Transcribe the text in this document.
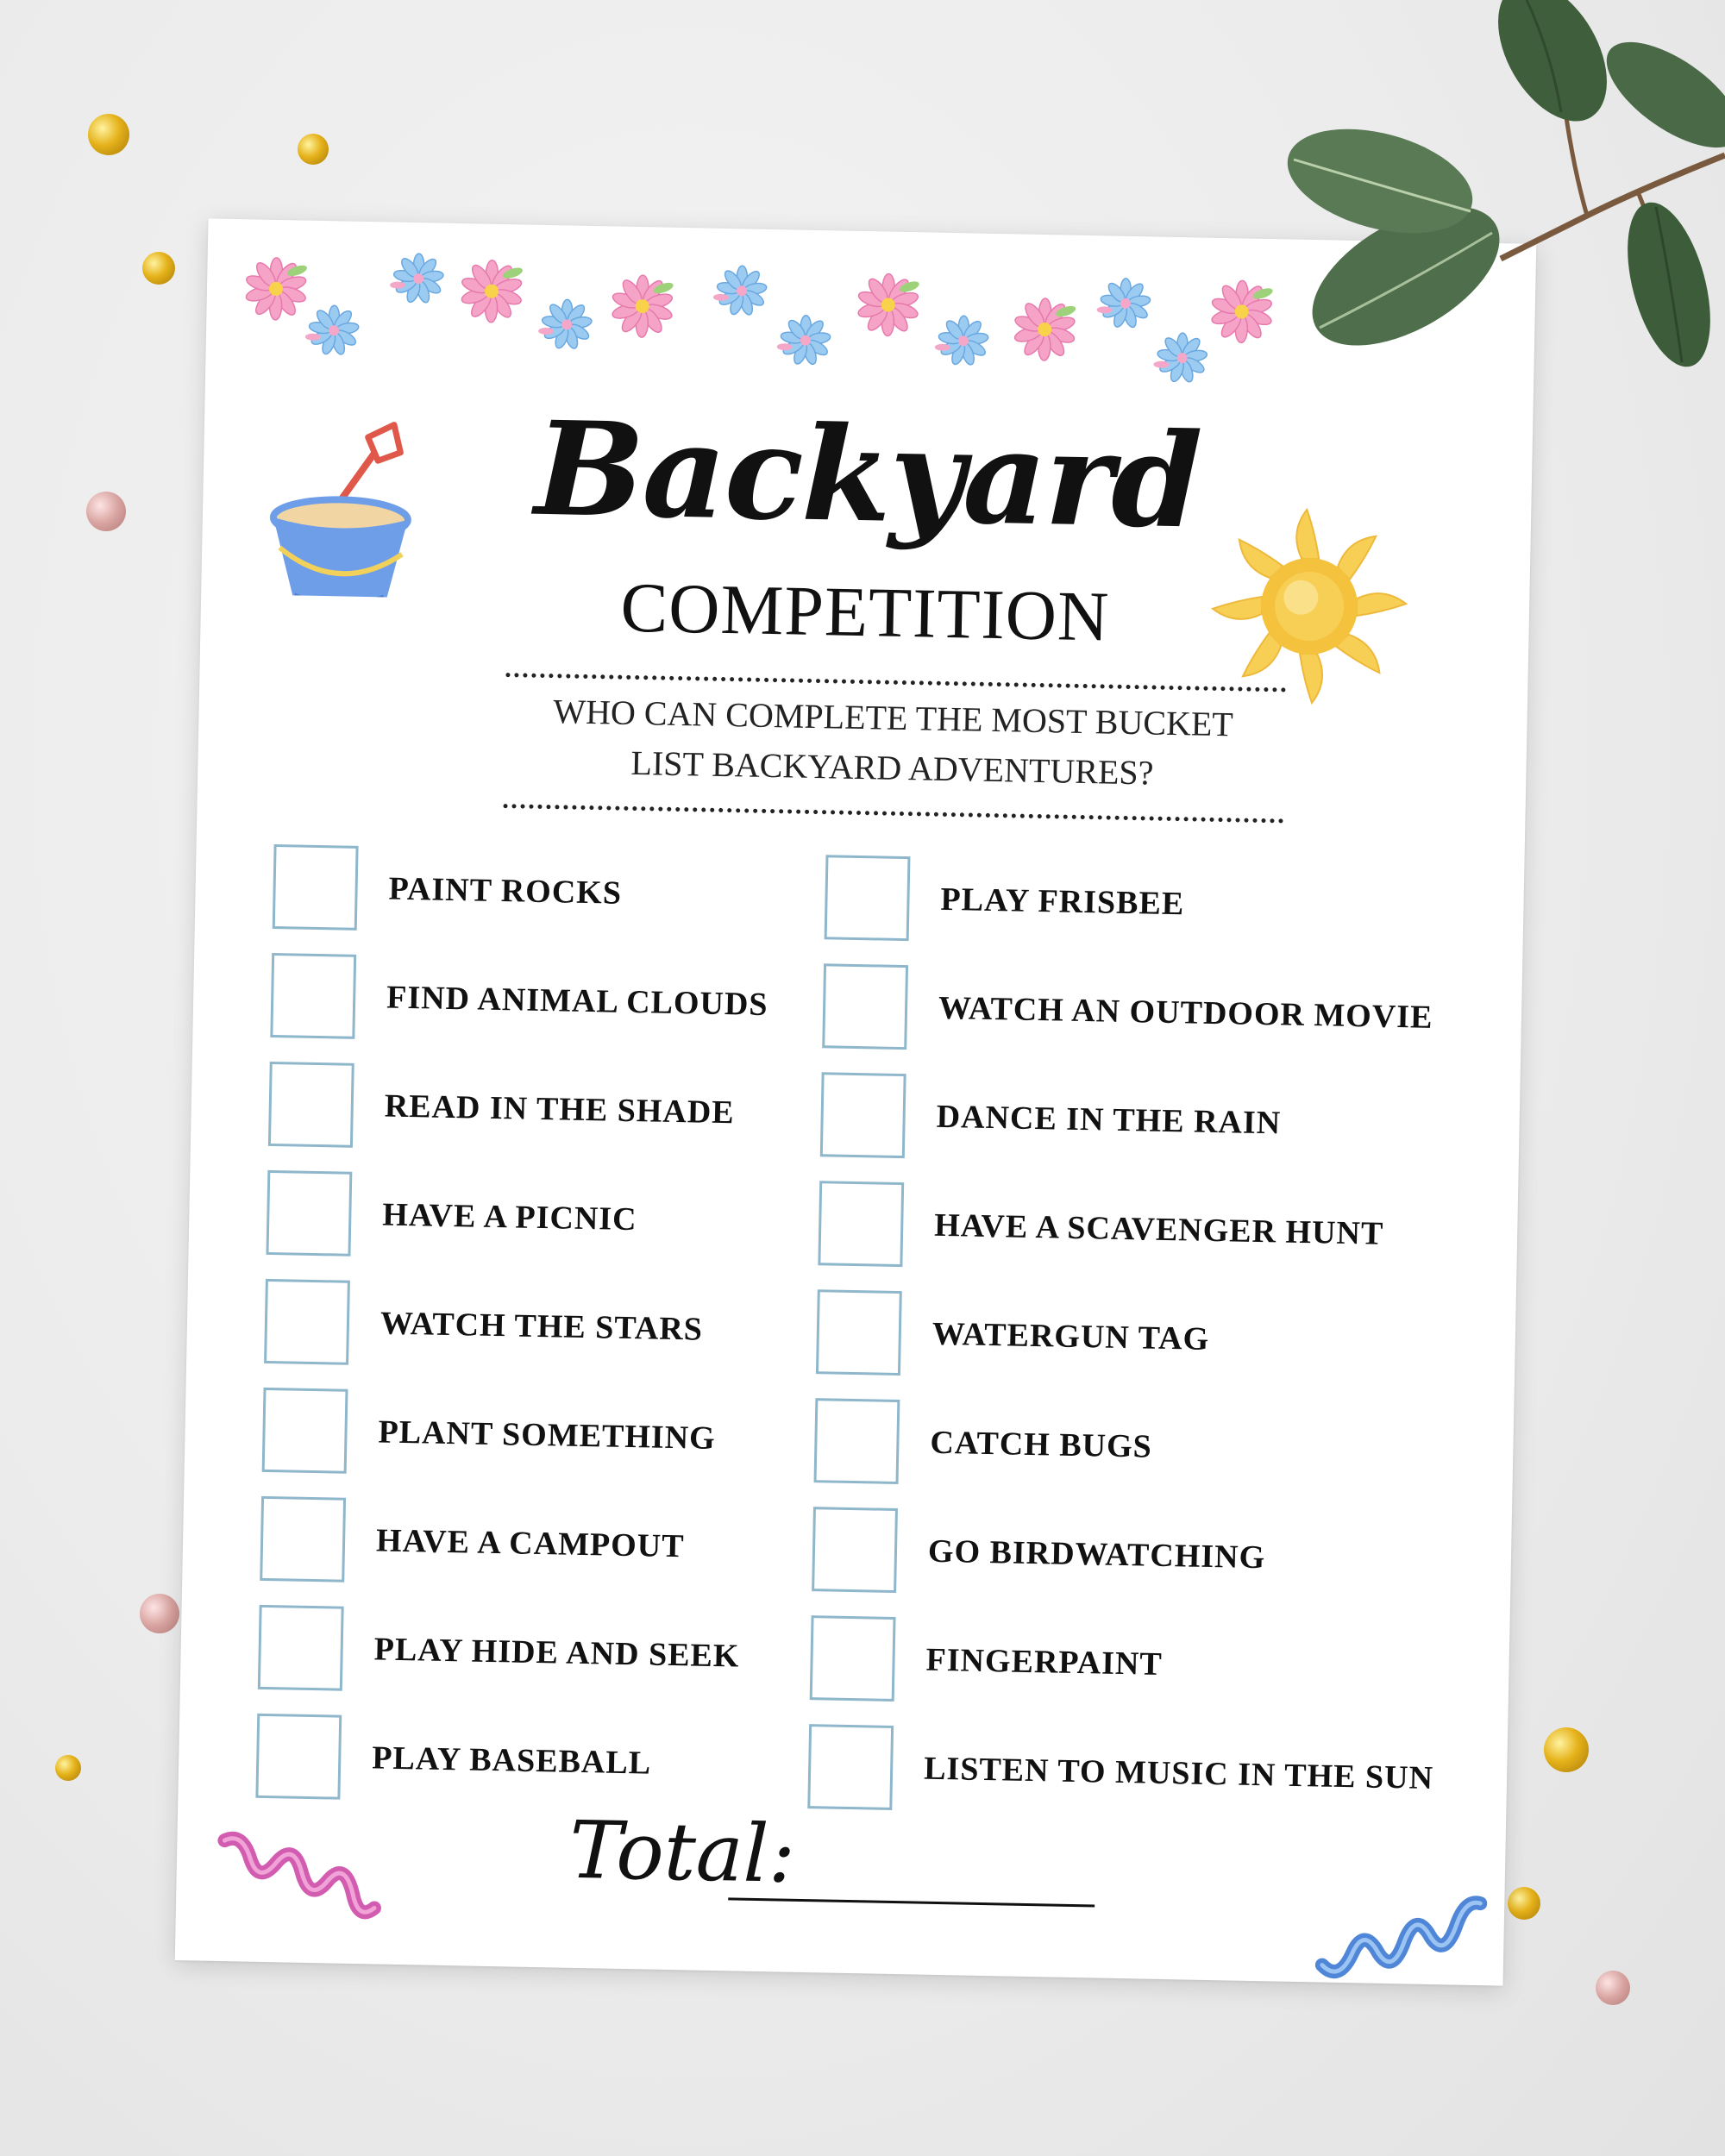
Backyard
COMPETITION
WHO CAN COMPLETE THE MOST BUCKET
LIST BACKYARD ADVENTURES?
PAINT ROCKS
FIND ANIMAL CLOUDS
READ IN THE SHADE
HAVE A PICNIC
WATCH THE STARS
PLANT SOMETHING
HAVE A CAMPOUT
PLAY HIDE AND SEEK
PLAY BASEBALL
PLAY FRISBEE
WATCH AN OUTDOOR MOVIE
DANCE IN THE RAIN
HAVE A SCAVENGER HUNT
WATERGUN TAG
CATCH BUGS
GO BIRDWATCHING
FINGERPAINT
LISTEN TO MUSIC IN THE SUN
Total:
